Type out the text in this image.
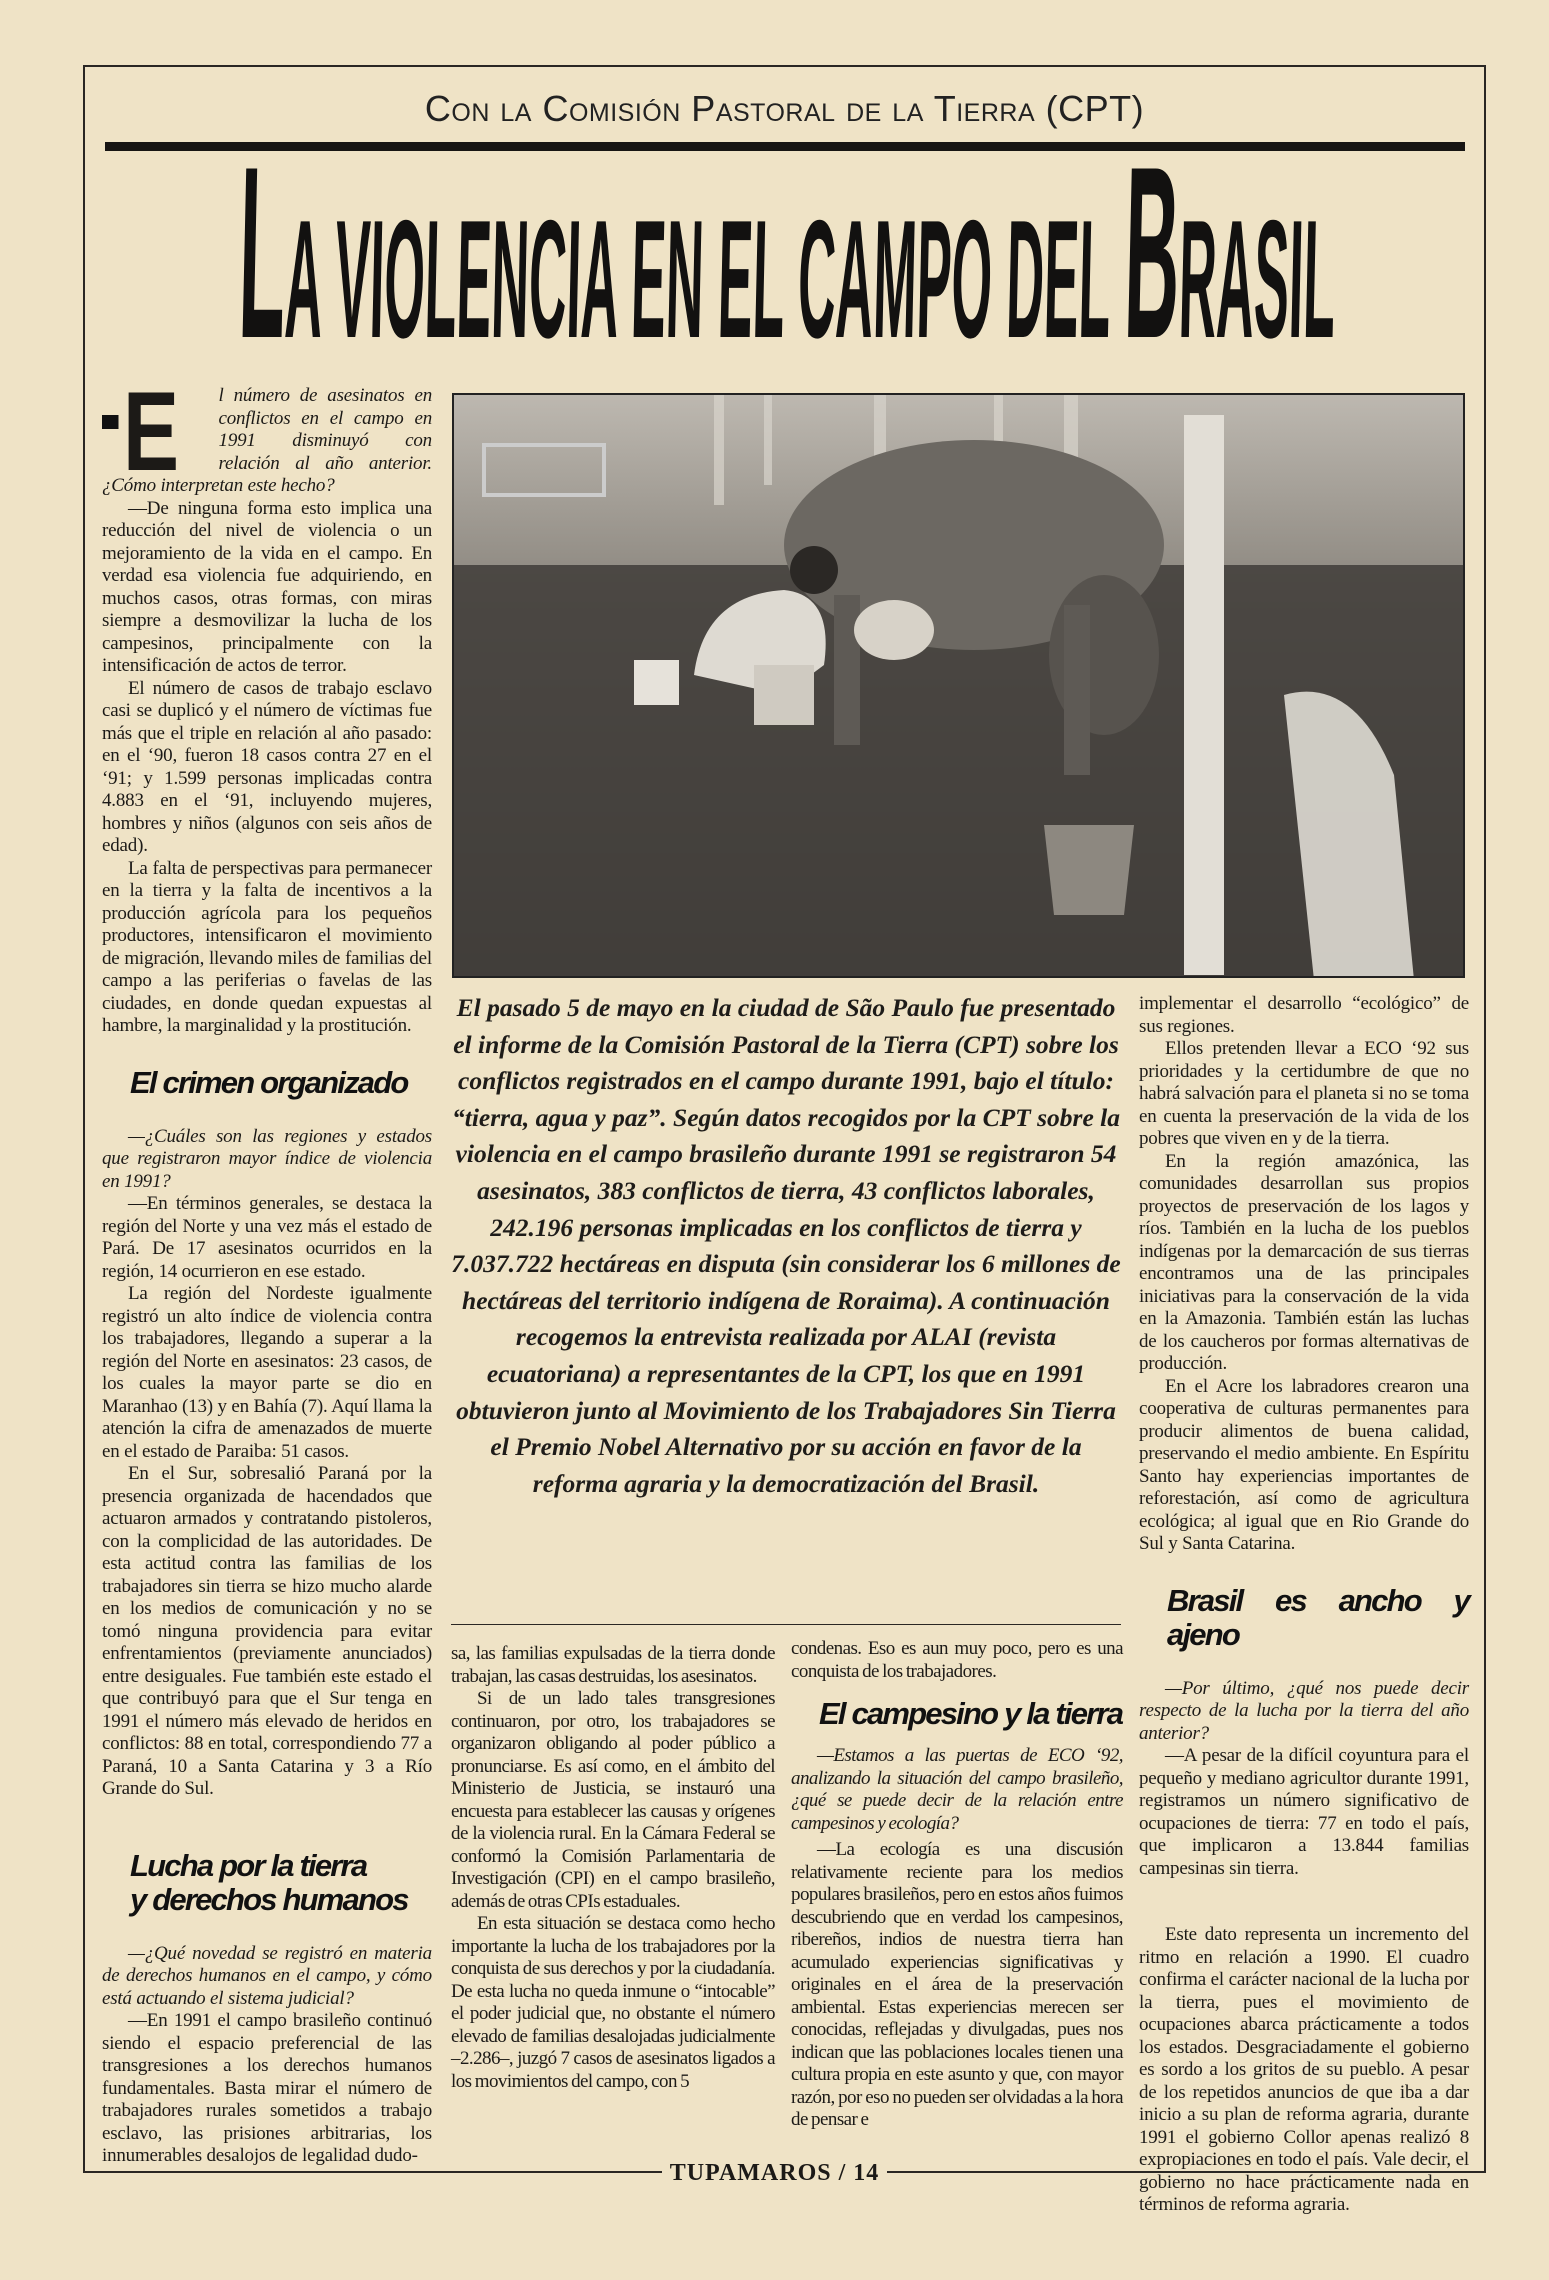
Con la Comisión Pastoral de la Tierra (CPT)
LA VIOLENCIA EN EL CAMPO DEL BRASIL
E	l número de asesinatos en conflictos en el campo en 1991 disminuyó con relación al año anterior. ¿Cómo interpretan este hecho?

—De ninguna forma esto implica una reducción del nivel de violencia o un mejoramiento de la vida en el campo. En verdad esa violencia fue adquiriendo, en muchos casos, otras formas, con miras siempre a desmovilizar la lucha de los campesinos, principalmente con la intensificación de actos de terror.

El número de casos de trabajo esclavo casi se duplicó y el número de víctimas fue más que el triple en relación al año pasado: en el ‘90, fueron 18 casos contra 27 en el ‘91; y 1.599 personas implicadas contra 4.883 en el ‘91, incluyendo mujeres, hombres y niños (algunos con seis años de edad).

La falta de perspectivas para permanecer en la tierra y la falta de incentivos a la producción agrícola para los pequeños productores, intensificaron el movimiento de migración, llevando miles de familias del campo a las periferias o favelas de las ciudades, en donde quedan expuestas al hambre, la marginalidad y la prostitución.

El crimen organizado

—¿Cuáles son las regiones y estados que registraron mayor índice de violencia en 1991?

—En términos generales, se destaca la región del Norte y una vez más el estado de Pará. De 17 asesinatos ocurridos en la región, 14 ocurrieron en ese estado.

La región del Nordeste igualmente registró un alto índice de violencia contra los trabajadores, llegando a superar a la región del Norte en asesinatos: 23 casos, de los cuales la mayor parte se dio en Maranhao (13) y en Bahía (7). Aquí llama la atención la cifra de amenazados de muerte en el estado de Paraiba: 51 casos.

En el Sur, sobresalió Paraná por la presencia organizada de hacendados que actuaron armados y contratando pistoleros, con la complicidad de las autoridades. De esta actitud contra las familias de los trabajadores sin tierra se hizo mucho alarde en los medios de comunicación y no se tomó ninguna providencia para evitar enfrentamientos (previamente anunciados) entre desiguales. Fue también este estado el que contribuyó para que el Sur tenga en 1991 el número más elevado de heridos en conflictos: 88 en total, correspondiendo 77 a Paraná, 10 a Santa Catarina y 3 a Río Grande do Sul.

Lucha por la tierra
y derechos humanos

—¿Qué novedad se registró en materia de derechos humanos en el campo, y cómo está actuando el sistema judicial?

—En 1991 el campo brasileño continuó siendo el espacio preferencial de las transgresiones a los derechos humanos fundamentales. Basta mirar el número de trabajadores rurales sometidos a trabajo esclavo, las prisiones arbitrarias, los innumerables desalojos de legalidad dudo-

El pasado 5 de mayo en la ciudad de São Paulo fue presentado el informe de la Comisión Pastoral de la Tierra (CPT) sobre los conflictos registrados en el campo durante 1991, bajo el título: “tierra, agua y paz”. Según datos recogidos por la CPT sobre la violencia en el campo brasileño durante 1991 se registraron 54 asesinatos, 383 conflictos de tierra, 43 conflictos laborales, 242.196 personas implicadas en los conflictos de tierra y 7.037.722 hectáreas en disputa (sin considerar los 6 millones de hectáreas del territorio indígena de Roraima). A continuación recogemos la entrevista realizada por ALAI (revista ecuatoriana) a representantes de la CPT, los que en 1991 obtuvieron junto al Movimiento de los Trabajadores Sin Tierra el Premio Nobel Alternativo por su acción en favor de la reforma agraria y la democratización del Brasil.

sa, las familias expulsadas de la tierra donde trabajan, las casas destruidas, los asesinatos.

Si de un lado tales transgresiones continuaron, por otro, los trabajadores se organizaron obligando al poder público a pronunciarse. Es así como, en el ámbito del Ministerio de Justicia, se instauró una encuesta para establecer las causas y orígenes de la violencia rural. En la Cámara Federal se conformó la Comisión Parlamentaria de Investigación (CPI) en el campo brasileño, además de otras CPIs estaduales.

En esta situación se destaca como hecho importante la lucha de los trabajadores por la conquista de sus derechos y por la ciudadanía. De esta lucha no queda inmune o “intocable” el poder judicial que, no obstante el número elevado de familias desalojadas judicialmente –2.286–, juzgó 7 casos de asesinatos ligados a los movimientos del campo, con 5

condenas. Eso es aun muy poco, pero es una conquista de los trabajadores.

El campesino y la tierra

—Estamos a las puertas de ECO ‘92, analizando la situación del campo brasileño, ¿qué se puede decir de la relación entre campesinos y ecología?

—La ecología es una discusión relativamente reciente para los medios populares brasileños, pero en estos años fuimos descubriendo que en verdad los campesinos, ribereños, indios de nuestra tierra han acumulado experiencias significativas y originales en el área de la preservación ambiental. Estas experiencias merecen ser conocidas, reflejadas y divulgadas, pues nos indican que las poblaciones locales tienen una cultura propia en este asunto y que, con mayor razón, por eso no pueden ser olvidadas a la hora de pensar e

implementar el desarrollo “ecológico” de sus regiones.

Ellos pretenden llevar a ECO ‘92 sus prioridades y la certidumbre de que no habrá salvación para el planeta si no se toma en cuenta la preservación de la vida de los pobres que viven en y de la tierra.

En la región amazónica, las comunidades desarrollan sus propios proyectos de preservación de los lagos y ríos. También en la lucha de los pueblos indígenas por la demarcación de sus tierras encontramos una de las principales iniciativas para la conservación de la vida en la Amazonia. También están las luchas de los caucheros por formas alternativas de producción.

En el Acre los labradores crearon una cooperativa de culturas permanentes para producir alimentos de buena calidad, preservando el medio ambiente. En Espíritu Santo hay experiencias importantes de reforestación, así como de agricultura ecológica; al igual que en Rio Grande do Sul y Santa Catarina.

Brasil es ancho y ajeno

—Por último, ¿qué nos puede decir respecto de la lucha por la tierra del año anterior?

—A pesar de la difícil coyuntura para el pequeño y mediano agricultor durante 1991, registramos un número significativo de ocupaciones de tierra: 77 en todo el país, que implicaron a 13.844 familias campesinas sin tierra.

Este dato representa un incremento del ritmo en relación a 1990. El cuadro confirma el carácter nacional de la lucha por la tierra, pues el movimiento de ocupaciones abarca prácticamente a todos los estados. Desgraciadamente el gobierno es sordo a los gritos de su pueblo. A pesar de los repetidos anuncios de que iba a dar inicio a su plan de reforma agraria, durante 1991 el gobierno Collor apenas realizó 8 expropiaciones en todo el país. Vale decir, el gobierno no hace prácticamente nada en términos de reforma agraria.

TUPAMAROS / 14
